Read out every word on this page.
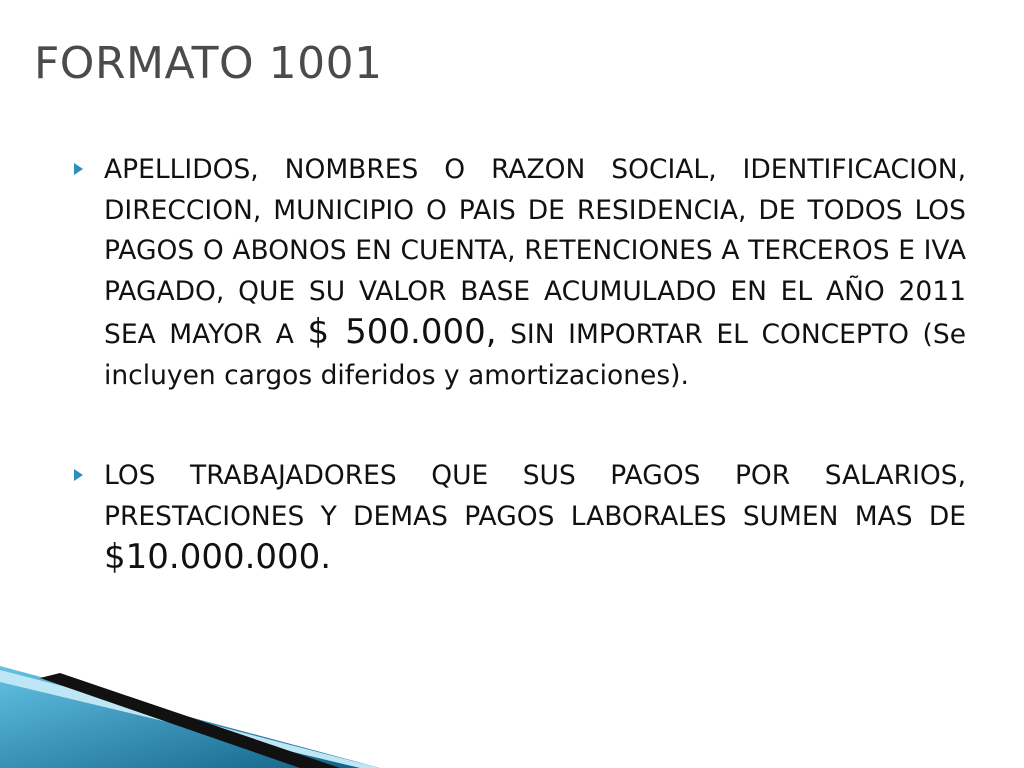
FORMATO 1001
APELLIDOS, NOMBRES O RAZON SOCIAL, IDENTIFICACION, DIRECCION, MUNICIPIO O PAIS DE RESIDENCIA, DE TODOS LOS PAGOS O ABONOS EN CUENTA, RETENCIONES A TERCEROS E IVA PAGADO, QUE SU VALOR BASE ACUMULADO EN EL AÑO 2011 SEA MAYOR A $ 500.000, SIN IMPORTAR EL CONCEPTO (Se incluyen cargos diferidos y amortizaciones).
LOS TRABAJADORES QUE SUS PAGOS POR SALARIOS, PRESTACIONES Y DEMAS PAGOS LABORALES SUMEN MAS DE $10.000.000.
